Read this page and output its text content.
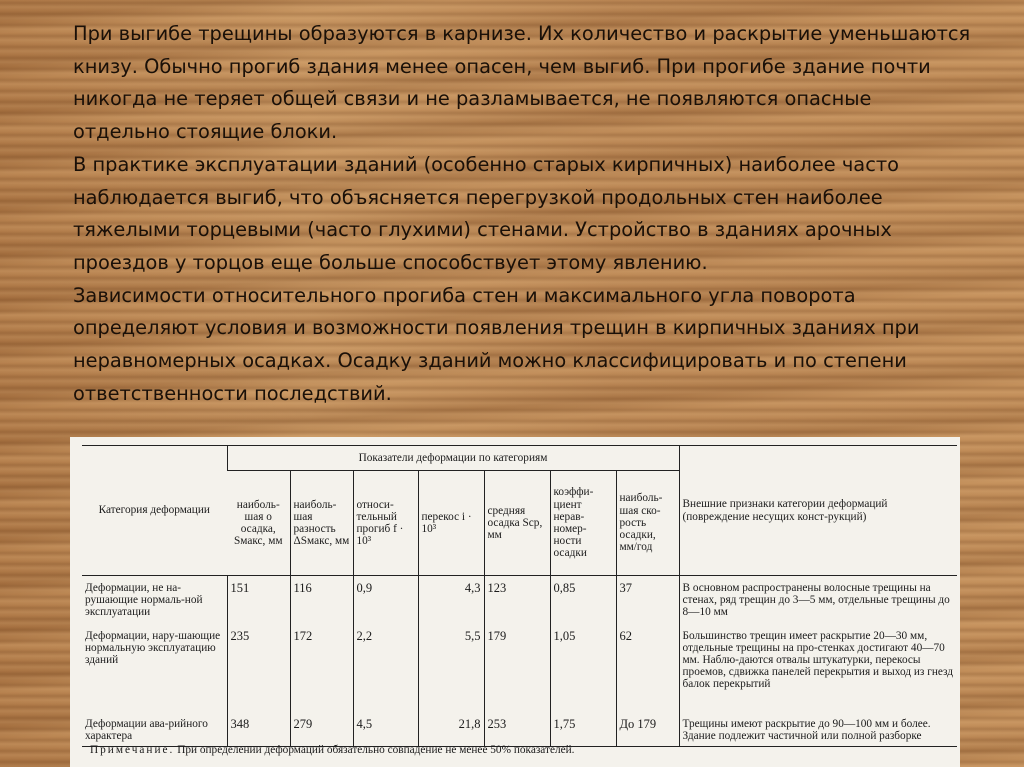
При выгибе трещины образуются в карнизе. Их количество и раскрытие уменьшаются книзу. Обычно прогиб здания менее опасен, чем выгиб. При прогибе здание почти никогда не теряет общей связи и не разламывается, не появляются опасные отдельно стоящие блоки.

В практике эксплуатации зданий (особенно старых кирпичных) наиболее часто наблюдается выгиб, что объясняется перегрузкой продольных стен наиболее тяжелыми торцевыми (часто глухими) стенами. Устройство в зданиях арочных проездов у торцов еще больше способствует этому явлению.

Зависимости относительного прогиба стен и максимального угла поворота определяют условия и возможности появления трещин в кирпичных зданиях при неравномерных осадках. Осадку зданий можно классифицировать и по степени ответственности последствий.

Категория деформации	Показатели деформации по категориям							Внешние признаки категории деформаций (повреждение несущих конст-рукций)
	наиболь-шая о осадка, Sмакс, мм	наиболь-шая разность ΔSмакс, мм	относи-тельный прогиб f · 10³	перекос i · 10³	средняя осадка Sср, мм	коэффи-циент нерав-номер-ности осадки	наиболь-шая ско-рость осадки, мм/год	
Деформации, не на-рушающие нормаль-ной эксплуатации	151	116	0,9	4,3	123	0,85	37	В основном распространены волосные трещины на стенах, ряд трещин до 3—5 мм, отдельные трещины до 8—10 мм
Деформации, нару-шающие нормальную эксплуатацию зданий	235	172	2,2	5,5	179	1,05	62	Большинство трещин имеет раскрытие 20—30 мм, отдельные трещины на про-стенках достигают 40—70 мм. Наблю-даются отвалы штукатурки, перекосы проемов, сдвижка панелей перекрытия и выход из гнезд балок перекрытий
Деформации ава-рийного характера	348	279	4,5	21,8	253	1,75	До 179	Трещины имеют раскрытие до 90—100 мм и более. Здание подлежит частичной или полной разборке
Примечание. При определении деформаций обязательно совпадение не менее 50% показателей.
